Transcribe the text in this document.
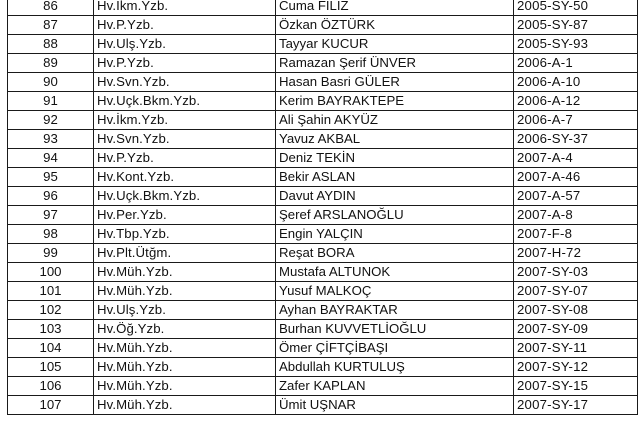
86	Hv.İkm.Yzb.	Cuma FİLİZ	2005-SY-50
87	Hv.P.Yzb.	Özkan ÖZTÜRK	2005-SY-87
88	Hv.Ulş.Yzb.	Tayyar KUCUR	2005-SY-93
89	Hv.P.Yzb.	Ramazan Şerif ÜNVER	2006-A-1
90	Hv.Svn.Yzb.	Hasan Basri GÜLER	2006-A-10
91	Hv.Uçk.Bkm.Yzb.	Kerim BAYRAKTEPE	2006-A-12
92	Hv.İkm.Yzb.	Ali Şahin AKYÜZ	2006-A-7
93	Hv.Svn.Yzb.	Yavuz AKBAL	2006-SY-37
94	Hv.P.Yzb.	Deniz TEKİN	2007-A-4
95	Hv.Kont.Yzb.	Bekir ASLAN	2007-A-46
96	Hv.Uçk.Bkm.Yzb.	Davut AYDIN	2007-A-57
97	Hv.Per.Yzb.	Şeref ARSLANOĞLU	2007-A-8
98	Hv.Tbp.Yzb.	Engin YALÇIN	2007-F-8
99	Hv.Plt.Ütğm.	Reşat BORA	2007-H-72
100	Hv.Müh.Yzb.	Mustafa ALTUNOK	2007-SY-03
101	Hv.Müh.Yzb.	Yusuf MALKOÇ	2007-SY-07
102	Hv.Ulş.Yzb.	Ayhan BAYRAKTAR	2007-SY-08
103	Hv.Öğ.Yzb.	Burhan KUVVETLİOĞLU	2007-SY-09
104	Hv.Müh.Yzb.	Ömer ÇİFTÇİBAŞI	2007-SY-11
105	Hv.Müh.Yzb.	Abdullah KURTULUŞ	2007-SY-12
106	Hv.Müh.Yzb.	Zafer KAPLAN	2007-SY-15
107	Hv.Müh.Yzb.	Ümit UŞNAR	2007-SY-17
